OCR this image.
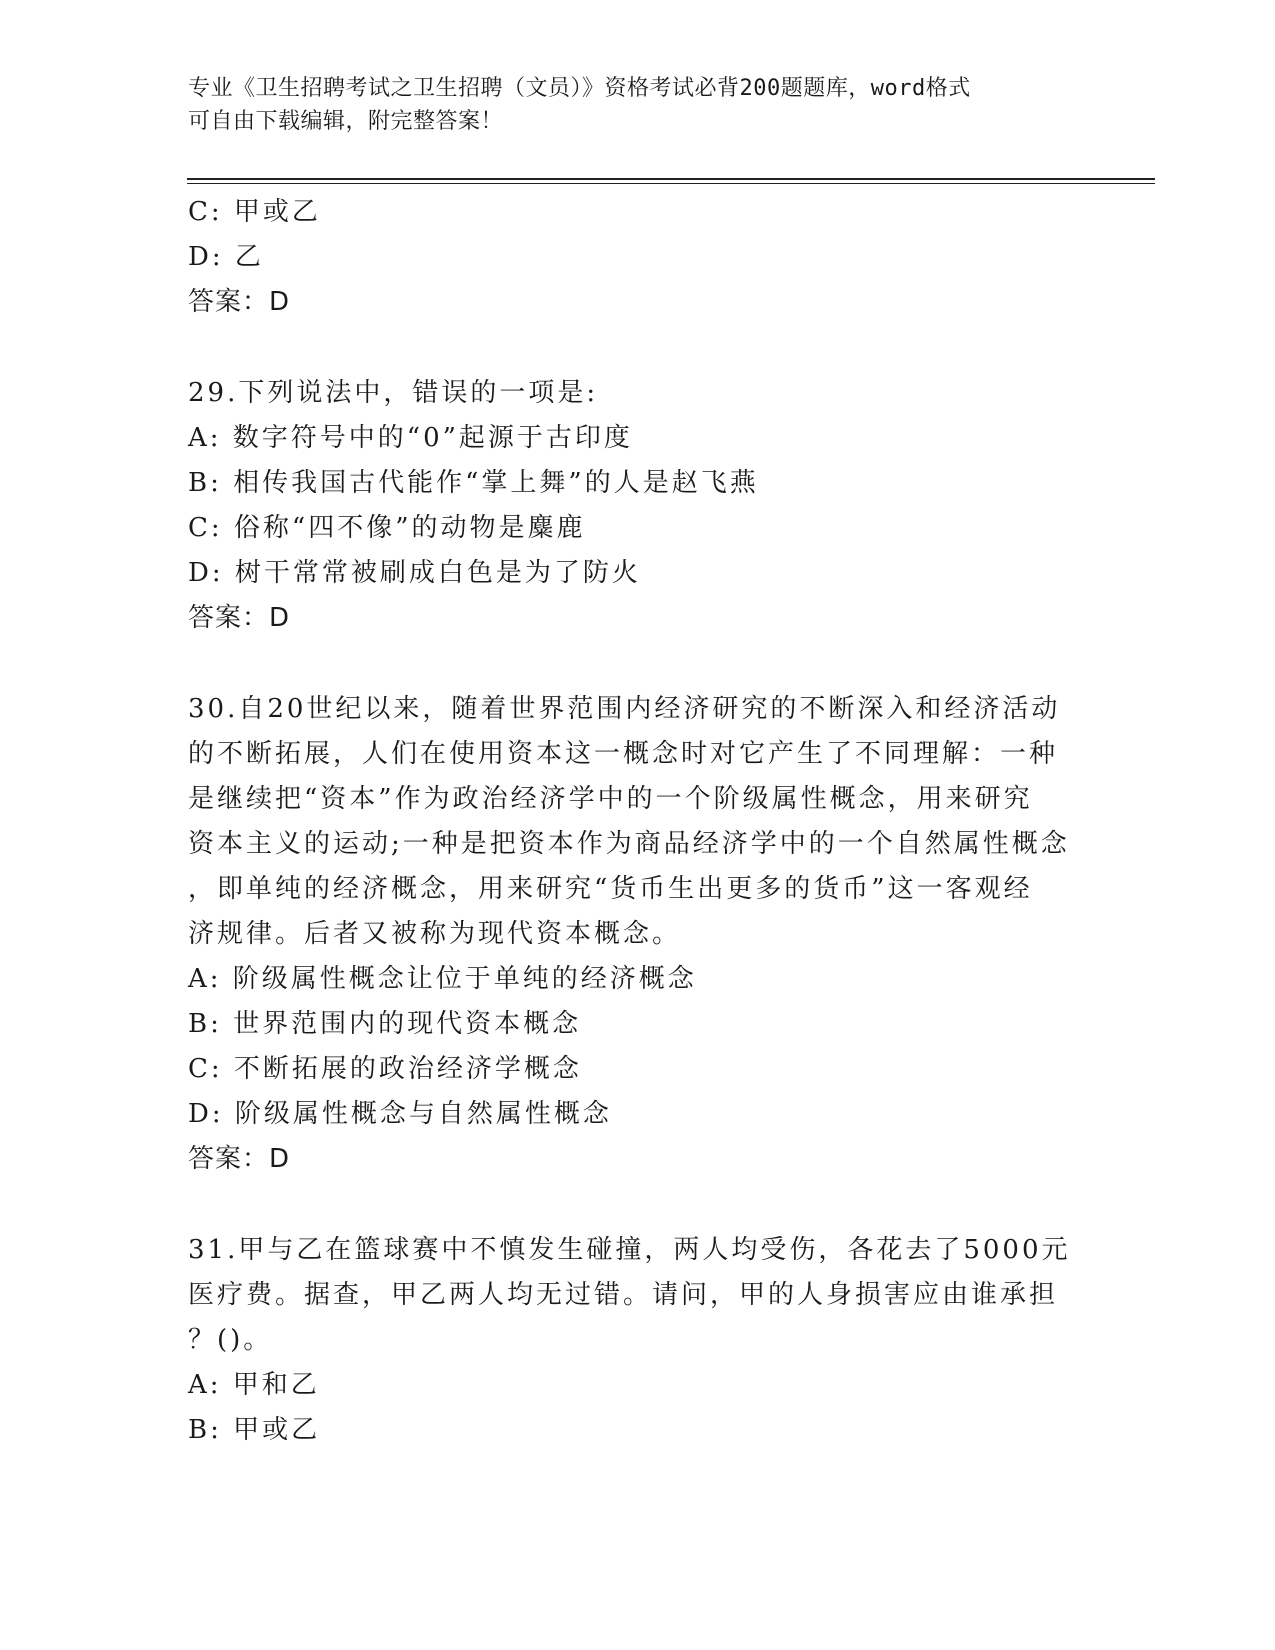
专业《卫生招聘考试之卫生招聘（文员）》资格考试必背200题题库，word格式
可自由下载编辑，附完整答案！
C: 甲或乙
D: 乙
答案：D
29.下列说法中，错误的一项是:
A: 数字符号中的“0”起源于古印度
B: 相传我国古代能作“掌上舞”的人是赵飞燕
C: 俗称“四不像”的动物是麋鹿
D: 树干常常被刷成白色是为了防火
答案：D
30.自20世纪以来，随着世界范围内经济研究的不断深入和经济活动
的不断拓展，人们在使用资本这一概念时对它产生了不同理解：一种
是继续把“资本”作为政治经济学中的一个阶级属性概念，用来研究
资本主义的运动;一种是把资本作为商品经济学中的一个自然属性概念
，即单纯的经济概念，用来研究“货币生出更多的货币”这一客观经
济规律。后者又被称为现代资本概念。
A: 阶级属性概念让位于单纯的经济概念
B: 世界范围内的现代资本概念
C: 不断拓展的政治经济学概念
D: 阶级属性概念与自然属性概念
答案：D
31.甲与乙在篮球赛中不慎发生碰撞，两人均受伤，各花去了5000元
医疗费。据查，甲乙两人均无过错。请问，甲的人身损害应由谁承担
？()。
A: 甲和乙
B: 甲或乙
